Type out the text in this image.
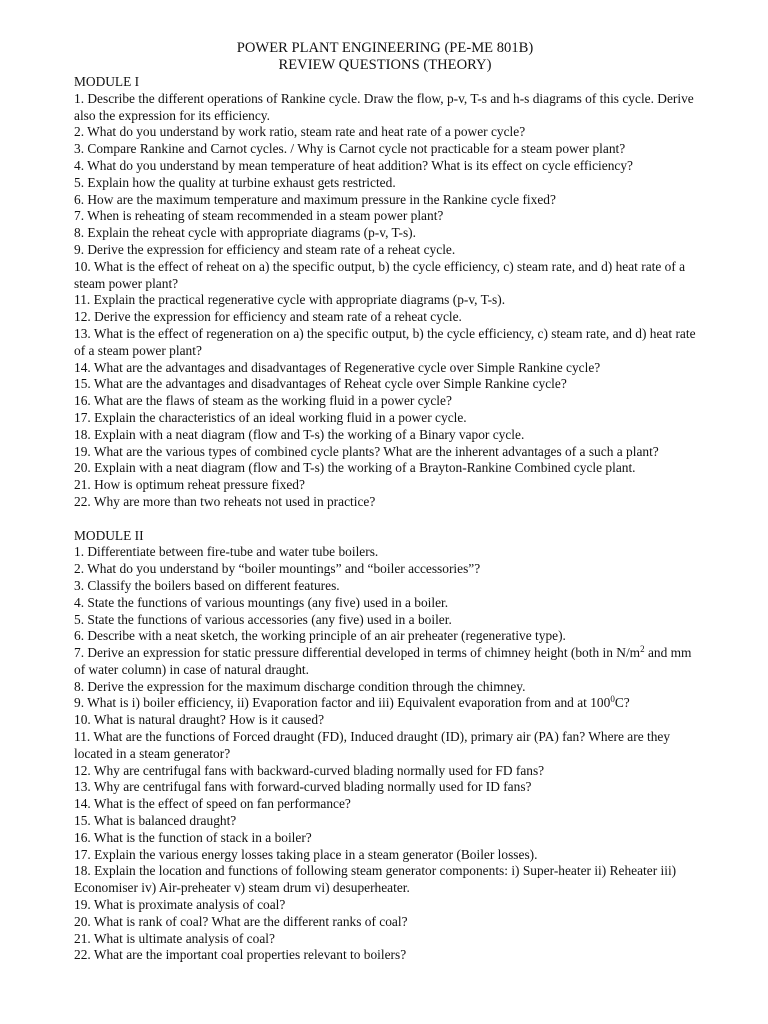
POWER PLANT ENGINEERING (PE-ME 801B)
REVIEW QUESTIONS (THEORY)
MODULE I
1. Describe the different operations of Rankine cycle. Draw the flow, p-v, T-s and h-s diagrams of this cycle. Derive also the expression for its efficiency.
2. What do you understand by work ratio, steam rate and heat rate of a power cycle?
3. Compare Rankine and Carnot cycles. / Why is Carnot cycle not practicable for a steam power plant?
4. What do you understand by mean temperature of heat addition? What is its effect on cycle efficiency?
5. Explain how the quality at turbine exhaust gets restricted.
6. How are the maximum temperature and maximum pressure in the Rankine cycle fixed?
7. When is reheating of steam recommended in a steam power plant?
8. Explain the reheat cycle with appropriate diagrams (p-v, T-s).
9. Derive the expression for efficiency and steam rate of a reheat cycle.
10. What is the effect of reheat on a) the specific output, b) the cycle efficiency, c) steam rate, and d) heat rate of a steam power plant?
11. Explain the practical regenerative cycle with appropriate diagrams (p-v, T-s).
12. Derive the expression for efficiency and steam rate of a reheat cycle.
13. What is the effect of regeneration on a) the specific output, b) the cycle efficiency, c) steam rate, and d) heat rate of a steam power plant?
14. What are the advantages and disadvantages of Regenerative cycle over Simple Rankine cycle?
15. What are the advantages and disadvantages of Reheat cycle over Simple Rankine cycle?
16. What are the flaws of steam as the working fluid in a power cycle?
17. Explain the characteristics of an ideal working fluid in a power cycle.
18. Explain with a neat diagram (flow and T-s) the working of a Binary vapor cycle.
19. What are the various types of combined cycle plants? What are the inherent advantages of a such a plant?
20. Explain with a neat diagram (flow and T-s) the working of a Brayton-Rankine Combined cycle plant.
21. How is optimum reheat pressure fixed?
22. Why are more than two reheats not used in practice?
MODULE II
1. Differentiate between fire-tube and water tube boilers.
2. What do you understand by “boiler mountings” and “boiler accessories”?
3. Classify the boilers based on different features.
4. State the functions of various mountings (any five) used in a boiler.
5. State the functions of various accessories (any five) used in a boiler.
6. Describe with a neat sketch, the working principle of an air preheater (regenerative type).
7. Derive an expression for static pressure differential developed in terms of chimney height (both in $N/m^2$ and mm of water column) in case of natural draught.
8. Derive the expression for the maximum discharge condition through the chimney.
9. What is i) boiler efficiency, ii) Evaporation factor and iii) Equivalent evaporation from and at $100^0C$?
10. What is natural draught? How is it caused?
11. What are the functions of Forced draught (FD), Induced draught (ID), primary air (PA) fan? Where are they located in a steam generator?
12. Why are centrifugal fans with backward-curved blading normally used for FD fans?
13. Why are centrifugal fans with forward-curved blading normally used for ID fans?
14. What is the effect of speed on fan performance?
15. What is balanced draught?
16. What is the function of stack in a boiler?
17. Explain the various energy losses taking place in a steam generator (Boiler losses).
18. Explain the location and functions of following steam generator components: i) Super-heater ii) Reheater iii) Economiser iv) Air-preheater v) steam drum vi) desuperheater.
19. What is proximate analysis of coal?
20. What is rank of coal? What are the different ranks of coal?
21. What is ultimate analysis of coal?
22. What are the important coal properties relevant to boilers?
